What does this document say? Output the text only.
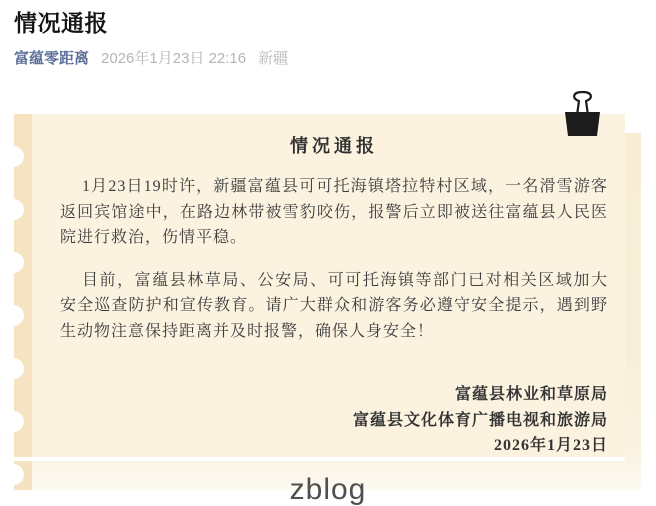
情况通报
富蕴零距离 2026年1月23日 22:16 新疆
情况通报

1月23日19时许，新疆富蕴县可可托海镇塔拉特村区域，一名滑雪游客返回宾馆途中，在路边林带被雪豹咬伤，报警后立即被送往富蕴县人民医院进行救治，伤情平稳。

目前，富蕴县林草局、公安局、可可托海镇等部门已对相关区域加大安全巡查防护和宣传教育。请广大群众和游客务必遵守安全提示，遇到野生动物注意保持距离并及时报警，确保人身安全！

富蕴县林业和草原局
富蕴县文化体育广播电视和旅游局
2026年1月23日
zblog
